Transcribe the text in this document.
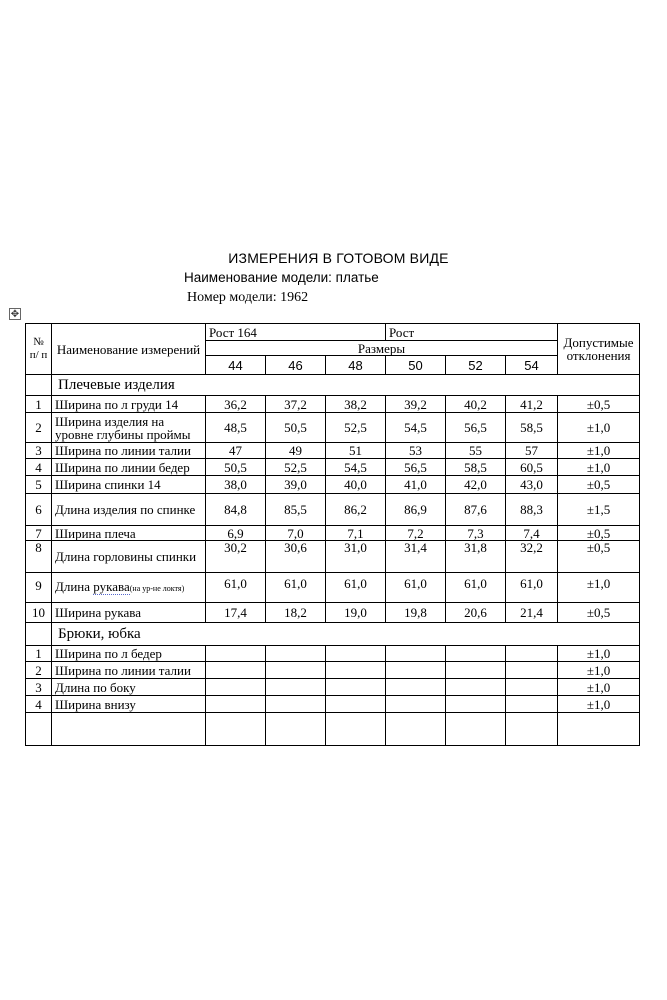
ИЗМЕРЕНИЯ В ГОТОВОМ ВИДЕ
Наименование модели: платье
Номер модели: 1962
✥
№ п/ п	Наименование измерений	Рост 164			Рост			Допустимые отклонения
		Размеры						
		44	46	48	50	52	54	
	Плечевые изделия							
1	Ширина по л груди 14	36,2	37,2	38,2	39,2	40,2	41,2	±0,5
2	Ширина изделия на уровне глубины проймы	48,5	50,5	52,5	54,5	56,5	58,5	±1,0
3	Ширина по линии талии	47	49	51	53	55	57	±1,0
4	Ширина по линии бедер	50,5	52,5	54,5	56,5	58,5	60,5	±1,0
5	Ширина спинки 14	38,0	39,0	40,0	41,0	42,0	43,0	±0,5
6	Длина изделия по спинке	84,8	85,5	86,2	86,9	87,6	88,3	±1,5
7	Ширина плеча	6,9	7,0	7,1	7,2	7,3	7,4	±0,5
8	Длина горловины спинки	30,2	30,6	31,0	31,4	31,8	32,2	±0,5
9	Длина рукава(на ур-не локтя)	61,0	61,0	61,0	61,0	61,0	61,0	±1,0
10	Ширина рукава	17,4	18,2	19,0	19,8	20,6	21,4	±0,5
	Брюки, юбка							
1	Ширина по л бедер							±1,0
2	Ширина по линии талии							±1,0
3	Длина по боку							±1,0
4	Ширина внизу							±1,0
